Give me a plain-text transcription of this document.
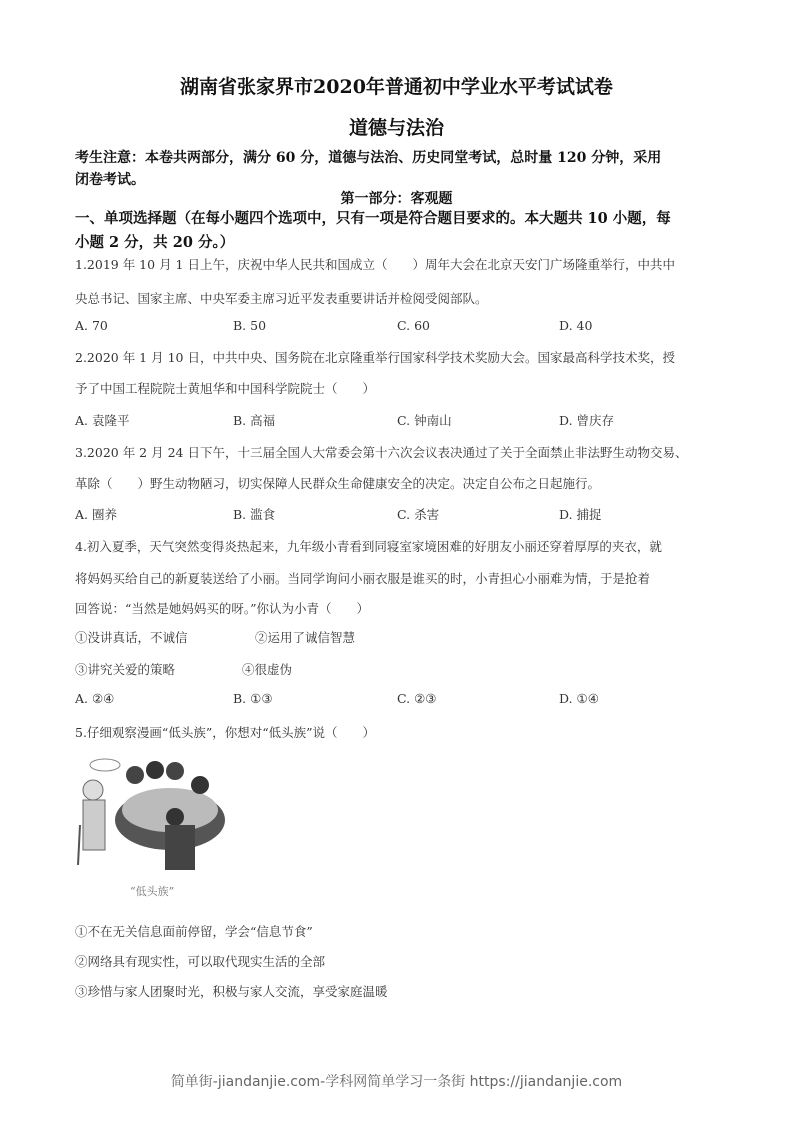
湖南省张家界市2020年普通初中学业水平考试试卷
道德与法治
考生注意：本卷共两部分，满分 60 分，道德与法治、历史同堂考试，总时量 120 分钟，采用
闭卷考试。
第一部分：客观题
一、单项选择题（在每小题四个选项中，只有一项是符合题目要求的。本大题共 10 小题，每
小题 2 分，共 20 分。）
1.2019 年 10 月 1 日上午，庆祝中华人民共和国成立（　　）周年大会在北京天安门广场隆重举行，中共中
央总书记、国家主席、中央军委主席习近平发表重要讲话并检阅受阅部队。
A. 70	B. 50	C. 60	D. 40
2.2020 年 1 月 10 日，中共中央、国务院在北京隆重举行国家科学技术奖励大会。国家最高科学技术奖，授
予了中国工程院院士黄旭华和中国科学院院士（　　）
A. 袁隆平	B. 高福	C. 钟南山	D. 曾庆存
3.2020 年 2 月 24 日下午，十三届全国人大常委会第十六次会议表决通过了关于全面禁止非法野生动物交易、
革除（　　）野生动物陋习，切实保障人民群众生命健康安全的决定。决定自公布之日起施行。
A. 圈养	B. 滥食	C. 杀害	D. 捕捉
4.初入夏季，天气突然变得炎热起来，九年级小青看到同寝室家境困难的好朋友小丽还穿着厚厚的夹衣，就
将妈妈买给自己的新夏装送给了小丽。当同学询问小丽衣服是谁买的时，小青担心小丽难为情，于是抢着
回答说：“当然是她妈妈买的呀。”你认为小青（　　）
①没讲真话，不诚信	②运用了诚信智慧
③讲究关爱的策略	④很虚伪
A. ②④	B. ①③	C. ②③	D. ①④
5.仔细观察漫画“低头族”，你想对“低头族”说（　　）
“低头族”
①不在无关信息面前停留，学会“信息节食”
②网络具有现实性，可以取代现实生活的全部
③珍惜与家人团聚时光，积极与家人交流，享受家庭温暖
简单街-jiandanjie.com-学科网简单学习一条街 https://jiandanjie.com
